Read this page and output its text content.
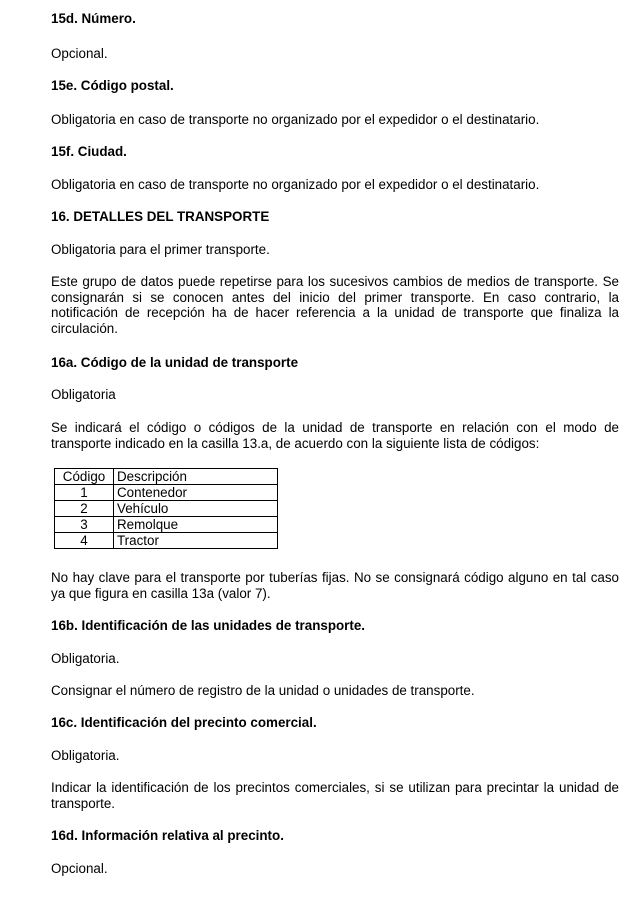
15d. Número.

Opcional.

15e. Código postal.

Obligatoria en caso de transporte no organizado por el expedidor o el destinatario.

15f. Ciudad.

Obligatoria en caso de transporte no organizado por el expedidor o el destinatario.

16. DETALLES DEL TRANSPORTE

Obligatoria para el primer transporte.

Este grupo de datos puede repetirse para los sucesivos cambios de medios de transporte. Se consignarán si se conocen antes del inicio del primer transporte. En caso contrario, la notificación de recepción ha de hacer referencia a la unidad de transporte que finaliza la circulación.

16a. Código de la unidad de transporte

Obligatoria

Se indicará el código o códigos de la unidad de transporte en relación con el modo de transporte indicado en la casilla 13.a, de acuerdo con la siguiente lista de códigos:

Código	Descripción
1	Contenedor
2	Vehículo
3	Remolque
4	Tractor

No hay clave para el transporte por tuberías fijas. No se consignará código alguno en tal caso ya que figura en casilla 13a (valor 7).

16b. Identificación de las unidades de transporte.

Obligatoria.

Consignar el número de registro de la unidad o unidades de transporte.

16c. Identificación del precinto comercial.

Obligatoria.

Indicar la identificación de los precintos comerciales, si se utilizan para precintar la unidad de transporte.

16d. Información relativa al precinto.

Opcional.
